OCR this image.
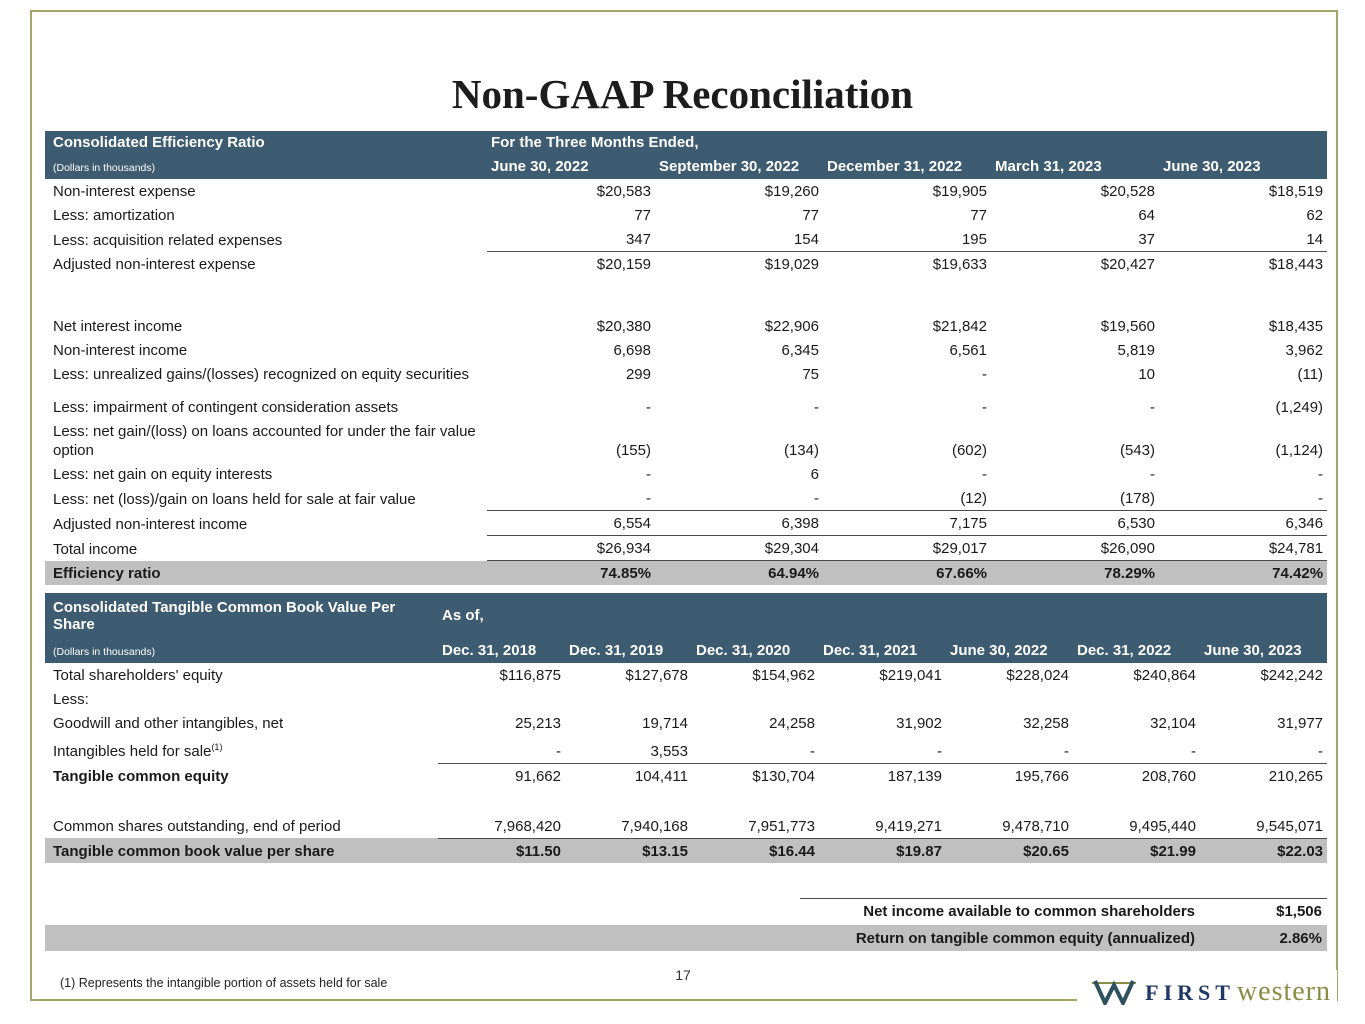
Non-GAAP Reconciliation
Consolidated Efficiency Ratio	For the Three Months Ended,				
(Dollars in thousands)	June 30, 2022	September 30, 2022	December 31, 2022	March 31, 2023	June 30, 2023
Non-interest expense	$20,583	$19,260	$19,905	$20,528	$18,519
Less: amortization	77	77	77	64	62
Less: acquisition related expenses	347	154	195	37	14
Adjusted non-interest expense	$20,159	$19,029	$19,633	$20,427	$18,443

Net interest income	$20,380	$22,906	$21,842	$19,560	$18,435
Non-interest income	6,698	6,345	6,561	5,819	3,962
Less: unrealized gains/(losses) recognized on equity securities	299	75	-	10	(11)
Less: impairment of contingent consideration assets	-	-	-	-	(1,249)
Less: net gain/(loss) on loans accounted for under the fair value option	(155)	(134)	(602)	(543)	(1,124)
Less: net gain on equity interests	-	6	-	-	-
Less: net (loss)/gain on loans held for sale at fair value	-	-	(12)	(178)	-
Adjusted non-interest income	6,554	6,398	7,175	6,530	6,346
Total income	$26,934	$29,304	$29,017	$26,090	$24,781
Efficiency ratio	74.85%	64.94%	67.66%	78.29%	74.42%
Consolidated Tangible Common Book Value Per Share	As of,						
(Dollars in thousands)	Dec. 31, 2018	Dec. 31, 2019	Dec. 31, 2020	Dec. 31, 2021	June 30, 2022	Dec. 31, 2022	June 30, 2023
Total shareholders' equity	$116,875	$127,678	$154,962	$219,041	$228,024	$240,864	$242,242
Less:							
Goodwill and other intangibles, net	25,213	19,714	24,258	31,902	32,258	32,104	31,977
Intangibles held for sale$^{(1)}$	-	3,553	-	-	-	-	-
Tangible common equity	91,662	104,411	$130,704	187,139	195,766	208,760	210,265

Common shares outstanding, end of period	7,968,420	7,940,168	7,951,773	9,419,271	9,478,710	9,495,440	9,545,071
Tangible common book value per share	$11.50	$13.15	$16.44	$19.87	$20.65	$21.99	$22.03
Net income available to common shareholders	$1,506
Return on tangible common equity (annualized)	2.86%
(1) Represents the intangible portion of assets held for sale	17
FIRST western
